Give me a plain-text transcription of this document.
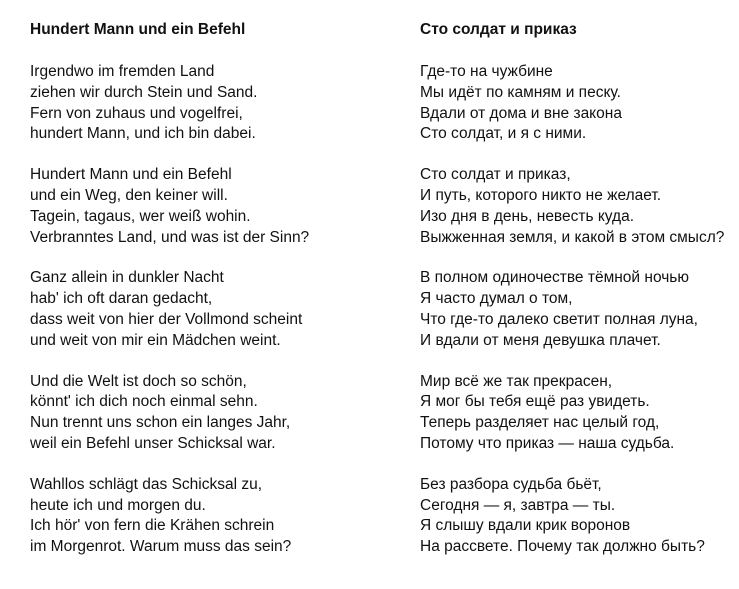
Hundert Mann und ein Befehl
Irgendwo im fremden Land
ziehen wir durch Stein und Sand.
Fern von zuhaus und vogelfrei,
hundert Mann, und ich bin dabei.
Hundert Mann und ein Befehl
und ein Weg, den keiner will.
Tagein, tagaus, wer weiß wohin.
Verbranntes Land, und was ist der Sinn?
Ganz allein in dunkler Nacht
hab' ich oft daran gedacht,
dass weit von hier der Vollmond scheint
und weit von mir ein Mädchen weint.
Und die Welt ist doch so schön,
könnt' ich dich noch einmal sehn.
Nun trennt uns schon ein langes Jahr,
weil ein Befehl unser Schicksal war.
Wahllos schlägt das Schicksal zu,
heute ich und morgen du.
Ich hör' von fern die Krähen schrein
im Morgenrot. Warum muss das sein?
Сто солдат и приказ
Где-то на чужбине
Мы идёт по камням и песку.
Вдали от дома и вне закона
Сто солдат, и я с ними.
Сто солдат и приказ,
И путь, которого никто не желает.
Изо дня в день, невесть куда.
Выжженная земля, и какой в этом смысл?
В полном одиночестве тёмной ночью
Я часто думал о том,
Что где-то далеко светит полная луна,
И вдали от меня девушка плачет.
Мир всё же так прекрасен,
Я мог бы тебя ещё раз увидеть.
Теперь разделяет нас целый год,
Потому что приказ — наша судьба.
Без разбора судьба бьёт,
Сегодня — я, завтра — ты.
Я слышу вдали крик воронов
На рассвете. Почему так должно быть?
